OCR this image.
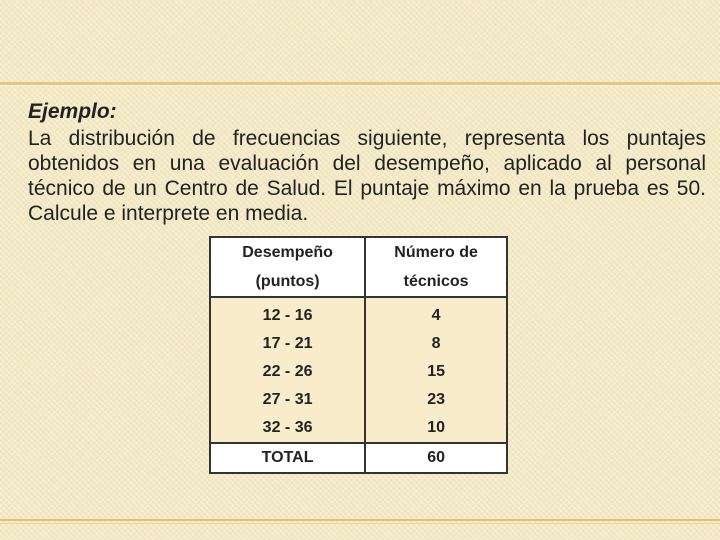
Ejemplo:
La distribución de frecuencias siguiente, representa los puntajes obtenidos en una evaluación del desempeño, aplicado al personal técnico de un Centro de Salud. El puntaje máximo en la prueba es 50. Calcule e interprete en media.
Desempeño	Número de
(puntos)	técnicos
12 - 16	4
17 - 21	8
22 - 26	15
27 - 31	23
32 - 36	10
TOTAL	60
